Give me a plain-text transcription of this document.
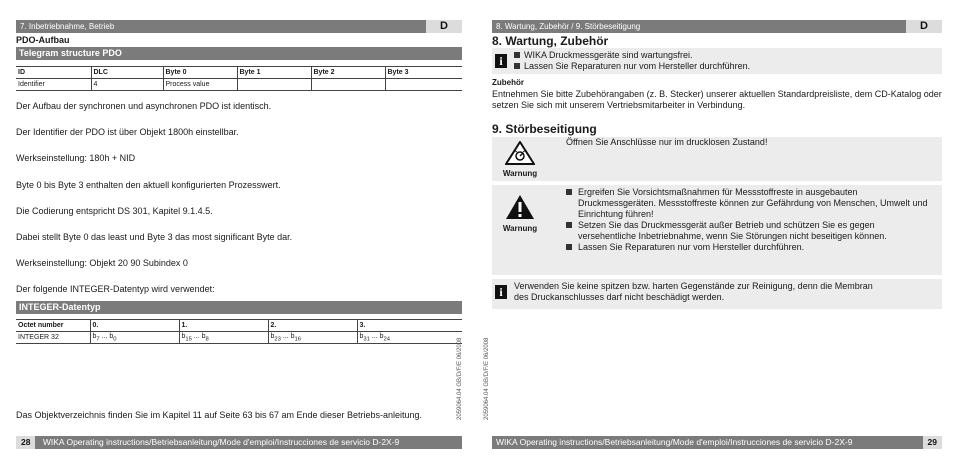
7. Inbetriebnahme, Betrieb	D
PDO-Aufbau
Telegram structure PDO
ID	DLC	Byte 0	Byte 1	Byte 2	Byte 3
Identifier	4	Process value			
Der Aufbau der synchronen und asynchronen PDO ist identisch.
Der Identifier der PDO ist über Objekt 1800h einstellbar.
Werkseinstellung: 180h + NID
Byte 0 bis Byte 3 enthalten den aktuell konfigurierten Prozesswert.
Die Codierung entspricht DS 301, Kapitel 9.1.4.5.
Dabei stellt Byte 0 das least und Byte 3 das most significant Byte dar.
Werkseinstellung: Objekt 20 90 Subindex 0
Der folgende INTEGER-Datentyp wird verwendet:
INTEGER-Datentyp
Octet number	0.	1.	2.	3.
INTEGER 32	$b_7$ ... $b_0$	$b_{15}$ ... $b_8$	$b_{23}$ ... $b_{16}$	$b_{31}$ ... $b_{24}$
Das Objektverzeichnis finden Sie im Kapitel 11 auf Seite 63 bis 67 am Ende dieser Betriebs-anleitung.
28 WIKA Operating instructions/Betriebsanleitung/Mode d'emploi/Instrucciones de servicio D-2X-9
2059064.04 GB/D/F/E 06/2008	2059064.04 GB/D/F/E 06/2008
8. Wartung, Zubehör / 9. Störbeseitigung	D
8. Wartung, Zubehör
i	WIKA Druckmessgeräte sind wartungsfrei.
Lassen Sie Reparaturen nur vom Hersteller durchführen.
Zubehör
Entnehmen Sie bitte Zubehörangaben (z. B. Stecker) unserer aktuellen Standardpreisliste, dem CD-Katalog oder setzen Sie sich mit unserem Vertriebsmitarbeiter in Verbindung.
9. Störbeseitigung
Warnung
Öffnen Sie Anschlüsse nur im drucklosen Zustand!
Warnung
Ergreifen Sie Vorsichtsmaßnahmen für Messstoffreste in ausgebauten Druckmessgeräten. Messstoffreste können zur Gefährdung von Menschen, Umwelt und Einrichtung führen!
Setzen Sie das Druckmessgerät außer Betrieb und schützen Sie es gegen versehentliche Inbetriebnahme, wenn Sie Störungen nicht beseitigen können.
Lassen Sie Reparaturen nur vom Hersteller durchführen.
i	Verwenden Sie keine spitzen bzw. harten Gegenstände zur Reinigung, denn die Membran des Druckanschlusses darf nicht beschädigt werden.
WIKA Operating instructions/Betriebsanleitung/Mode d'emploi/Instrucciones de servicio D-2X-9	29
